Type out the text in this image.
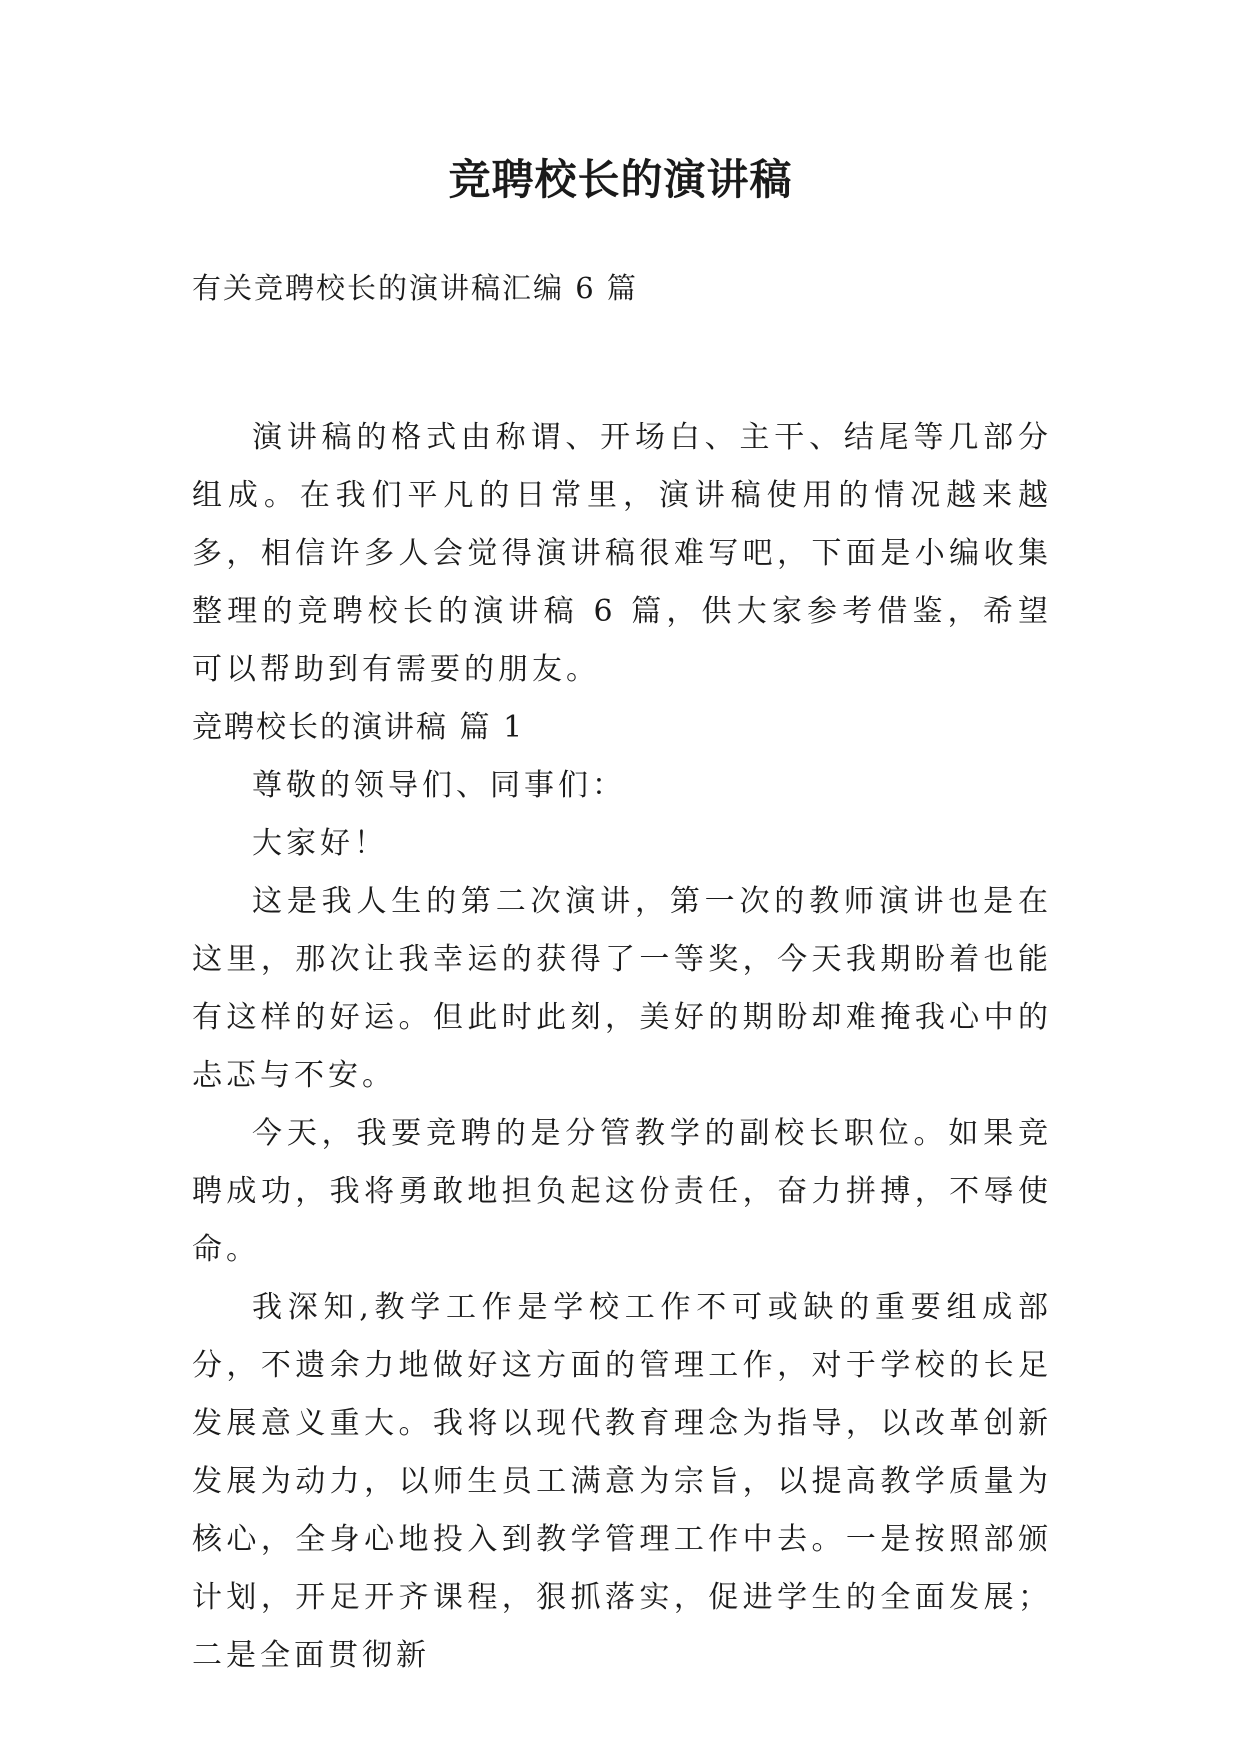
竞聘校长的演讲稿
有关竞聘校长的演讲稿汇编 6 篇

演讲稿的格式由称谓、开场白、主干、结尾等几部分组成。在我们平凡的日常里，演讲稿使用的情况越来越多，相信许多人会觉得演讲稿很难写吧，下面是小编收集整理的竞聘校长的演讲稿 6 篇，供大家参考借鉴，希望可以帮助到有需要的朋友。

竞聘校长的演讲稿 篇 1

尊敬的领导们、同事们：

大家好！

这是我人生的第二次演讲，第一次的教师演讲也是在这里，那次让我幸运的获得了一等奖，今天我期盼着也能有这样的好运。但此时此刻，美好的期盼却难掩我心中的忐忑与不安。

今天，我要竞聘的是分管教学的副校长职位。如果竞聘成功，我将勇敢地担负起这份责任，奋力拼搏，不辱使命。

我深知,教学工作是学校工作不可或缺的重要组成部分，不遗余力地做好这方面的管理工作，对于学校的长足发展意义重大。我将以现代教育理念为指导，以改革创新发展为动力，以师生员工满意为宗旨，以提高教学质量为核心，全身心地投入到教学管理工作中去。一是按照部颁计划，开足开齐课程，狠抓落实，促进学生的全面发展；二是全面贯彻新
